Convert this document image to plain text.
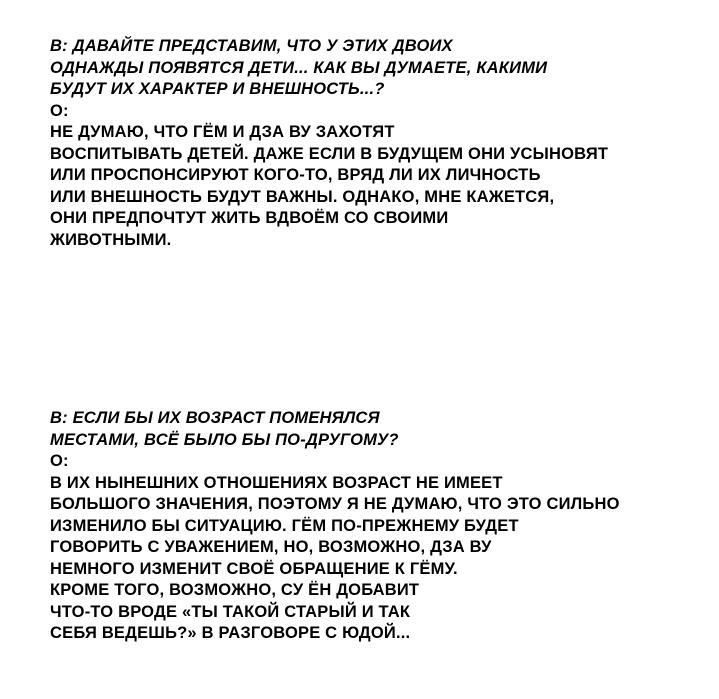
B: ДАВАЙТЕ ПРЕДСТАВИМ, ЧТО У ЭТИХ ДВОИХ
ОДНАЖДЫ ПОЯВЯТСЯ ДЕТИ... КАК ВЫ ДУМАЕТЕ, КАКИМИ
БУДУТ ИХ ХАРАКТЕР И ВНЕШНОСТЬ...?
О:
НЕ ДУМАЮ, ЧТО ГЁМ И ДЗА ВУ ЗАХОТЯТ
ВОСПИТЫВАТЬ ДЕТЕЙ. ДАЖЕ ЕСЛИ В БУДУЩЕМ ОНИ УСЫНОВЯТ
ИЛИ ПРОСПОНСИРУЮТ КОГО-ТО, ВРЯД ЛИ ИХ ЛИЧНОСТЬ
ИЛИ ВНЕШНОСТЬ БУДУТ ВАЖНЫ. ОДНАКО, МНЕ КАЖЕТСЯ,
ОНИ ПРЕДПОЧТУТ ЖИТЬ ВДВОЁМ СО СВОИМИ
ЖИВОТНЫМИ.
B: ЕСЛИ БЫ ИХ ВОЗРАСТ ПОМЕНЯЛСЯ
МЕСТАМИ, ВСЁ БЫЛО БЫ ПО-ДРУГОМУ?
О:
В ИХ НЫНЕШНИХ ОТНОШЕНИЯХ ВОЗРАСТ НЕ ИМЕЕТ
БОЛЬШОГО ЗНАЧЕНИЯ, ПОЭТОМУ Я НЕ ДУМАЮ, ЧТО ЭТО СИЛЬНО
ИЗМЕНИЛО БЫ СИТУАЦИЮ. ГЁМ ПО-ПРЕЖНЕМУ БУДЕТ
ГОВОРИТЬ С УВАЖЕНИЕМ, НО, ВОЗМОЖНО, ДЗА ВУ
НЕМНОГО ИЗМЕНИТ СВОЁ ОБРАЩЕНИЕ К ГЁМУ.
КРОМЕ ТОГО, ВОЗМОЖНО, СУ ЁН ДОБАВИТ
ЧТО-ТО ВРОДЕ «ТЫ ТАКОЙ СТАРЫЙ И ТАК
СЕБЯ ВЕДЕШЬ?» В РАЗГОВОРЕ С ЮДОЙ...
